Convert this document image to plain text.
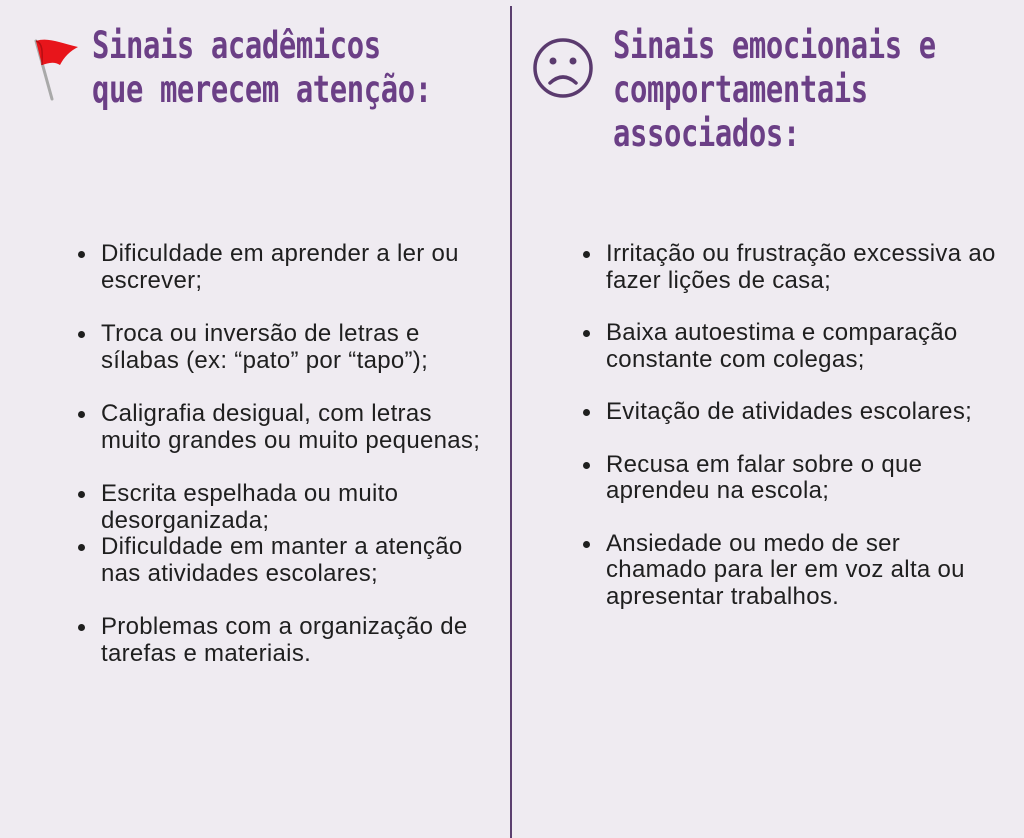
Sinais acadêmicos
que merecem atenção:
Dificuldade em aprender a ler ou escrever;
Troca ou inversão de letras e sílabas (ex: “pato” por “tapo”);
Caligrafia desigual, com letras muito grandes ou muito pequenas;
Escrita espelhada ou muito desorganizada;
Dificuldade em manter a atenção nas atividades escolares;
Problemas com a organização de tarefas e materiais.
Sinais emocionais e
comportamentais
associados:
Irritação ou frustração excessiva ao fazer lições de casa;
Baixa autoestima e comparação constante com colegas;
Evitação de atividades escolares;
Recusa em falar sobre o que aprendeu na escola;
Ansiedade ou medo de ser chamado para ler em voz alta ou apresentar trabalhos.
